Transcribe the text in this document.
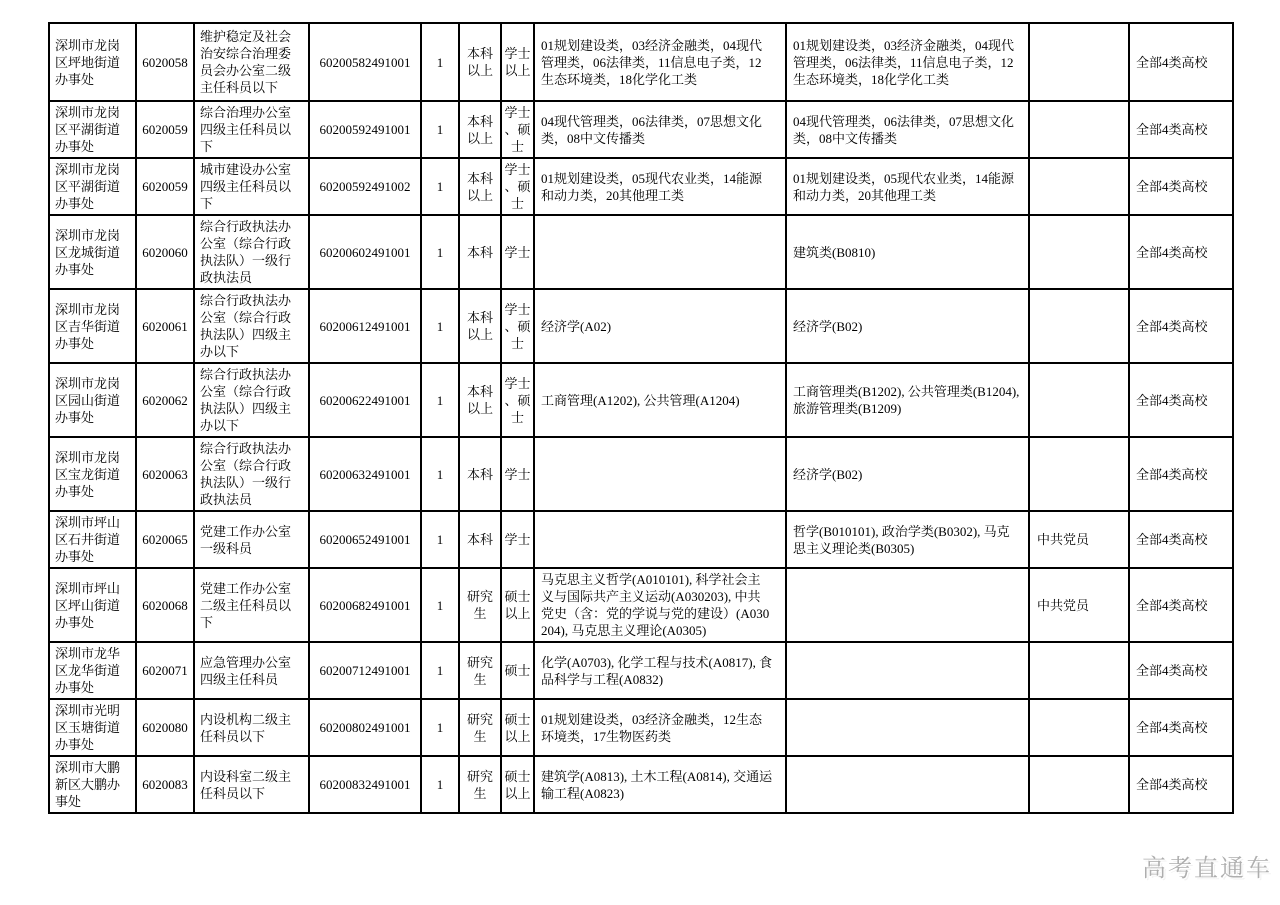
深圳市龙岗区坪地街道办事处	6020058	维护稳定及社会治安综合治理委员会办公室二级主任科员以下	60200582491001	1	本科以上	学士以上	01规划建设类，03经济金融类，04现代管理类，06法律类，11信息电子类，12生态环境类，18化学化工类	01规划建设类，03经济金融类，04现代管理类，06法律类，11信息电子类，12生态环境类，18化学化工类		全部4类高校
深圳市龙岗区平湖街道办事处	6020059	综合治理办公室四级主任科员以下	60200592491001	1	本科以上	学士、硕士	04现代管理类，06法律类，07思想文化类，08中文传播类	04现代管理类，06法律类，07思想文化类，08中文传播类		全部4类高校
深圳市龙岗区平湖街道办事处	6020059	城市建设办公室四级主任科员以下	60200592491002	1	本科以上	学士、硕士	01规划建设类，05现代农业类，14能源和动力类，20其他理工类	01规划建设类，05现代农业类，14能源和动力类，20其他理工类		全部4类高校
深圳市龙岗区龙城街道办事处	6020060	综合行政执法办公室（综合行政执法队）一级行政执法员	60200602491001	1	本科	学士		建筑类(B0810)		全部4类高校
深圳市龙岗区吉华街道办事处	6020061	综合行政执法办公室（综合行政执法队）四级主办以下	60200612491001	1	本科以上	学士、硕士	经济学(A02)	经济学(B02)		全部4类高校
深圳市龙岗区园山街道办事处	6020062	综合行政执法办公室（综合行政执法队）四级主办以下	60200622491001	1	本科以上	学士、硕士	工商管理(A1202), 公共管理(A1204)	工商管理类(B1202), 公共管理类(B1204), 旅游管理类(B1209)		全部4类高校
深圳市龙岗区宝龙街道办事处	6020063	综合行政执法办公室（综合行政执法队）一级行政执法员	60200632491001	1	本科	学士		经济学(B02)		全部4类高校
深圳市坪山区石井街道办事处	6020065	党建工作办公室一级科员	60200652491001	1	本科	学士		哲学(B010101), 政治学类(B0302), 马克思主义理论类(B0305)	中共党员	全部4类高校
深圳市坪山区坪山街道办事处	6020068	党建工作办公室二级主任科员以下	60200682491001	1	研究生	硕士以上	马克思主义哲学(A010101), 科学社会主义与国际共产主义运动(A030203), 中共党史（含：党的学说与党的建设）(A030204), 马克思主义理论(A0305)		中共党员	全部4类高校
深圳市龙华区龙华街道办事处	6020071	应急管理办公室四级主任科员	60200712491001	1	研究生	硕士	化学(A0703), 化学工程与技术(A0817), 食品科学与工程(A0832)			全部4类高校
深圳市光明区玉塘街道办事处	6020080	内设机构二级主任科员以下	60200802491001	1	研究生	硕士以上	01规划建设类，03经济金融类，12生态环境类，17生物医药类			全部4类高校
深圳市大鹏新区大鹏办事处	6020083	内设科室二级主任科员以下	60200832491001	1	研究生	硕士以上	建筑学(A0813), 土木工程(A0814), 交通运输工程(A0823)			全部4类高校
高考直通车
